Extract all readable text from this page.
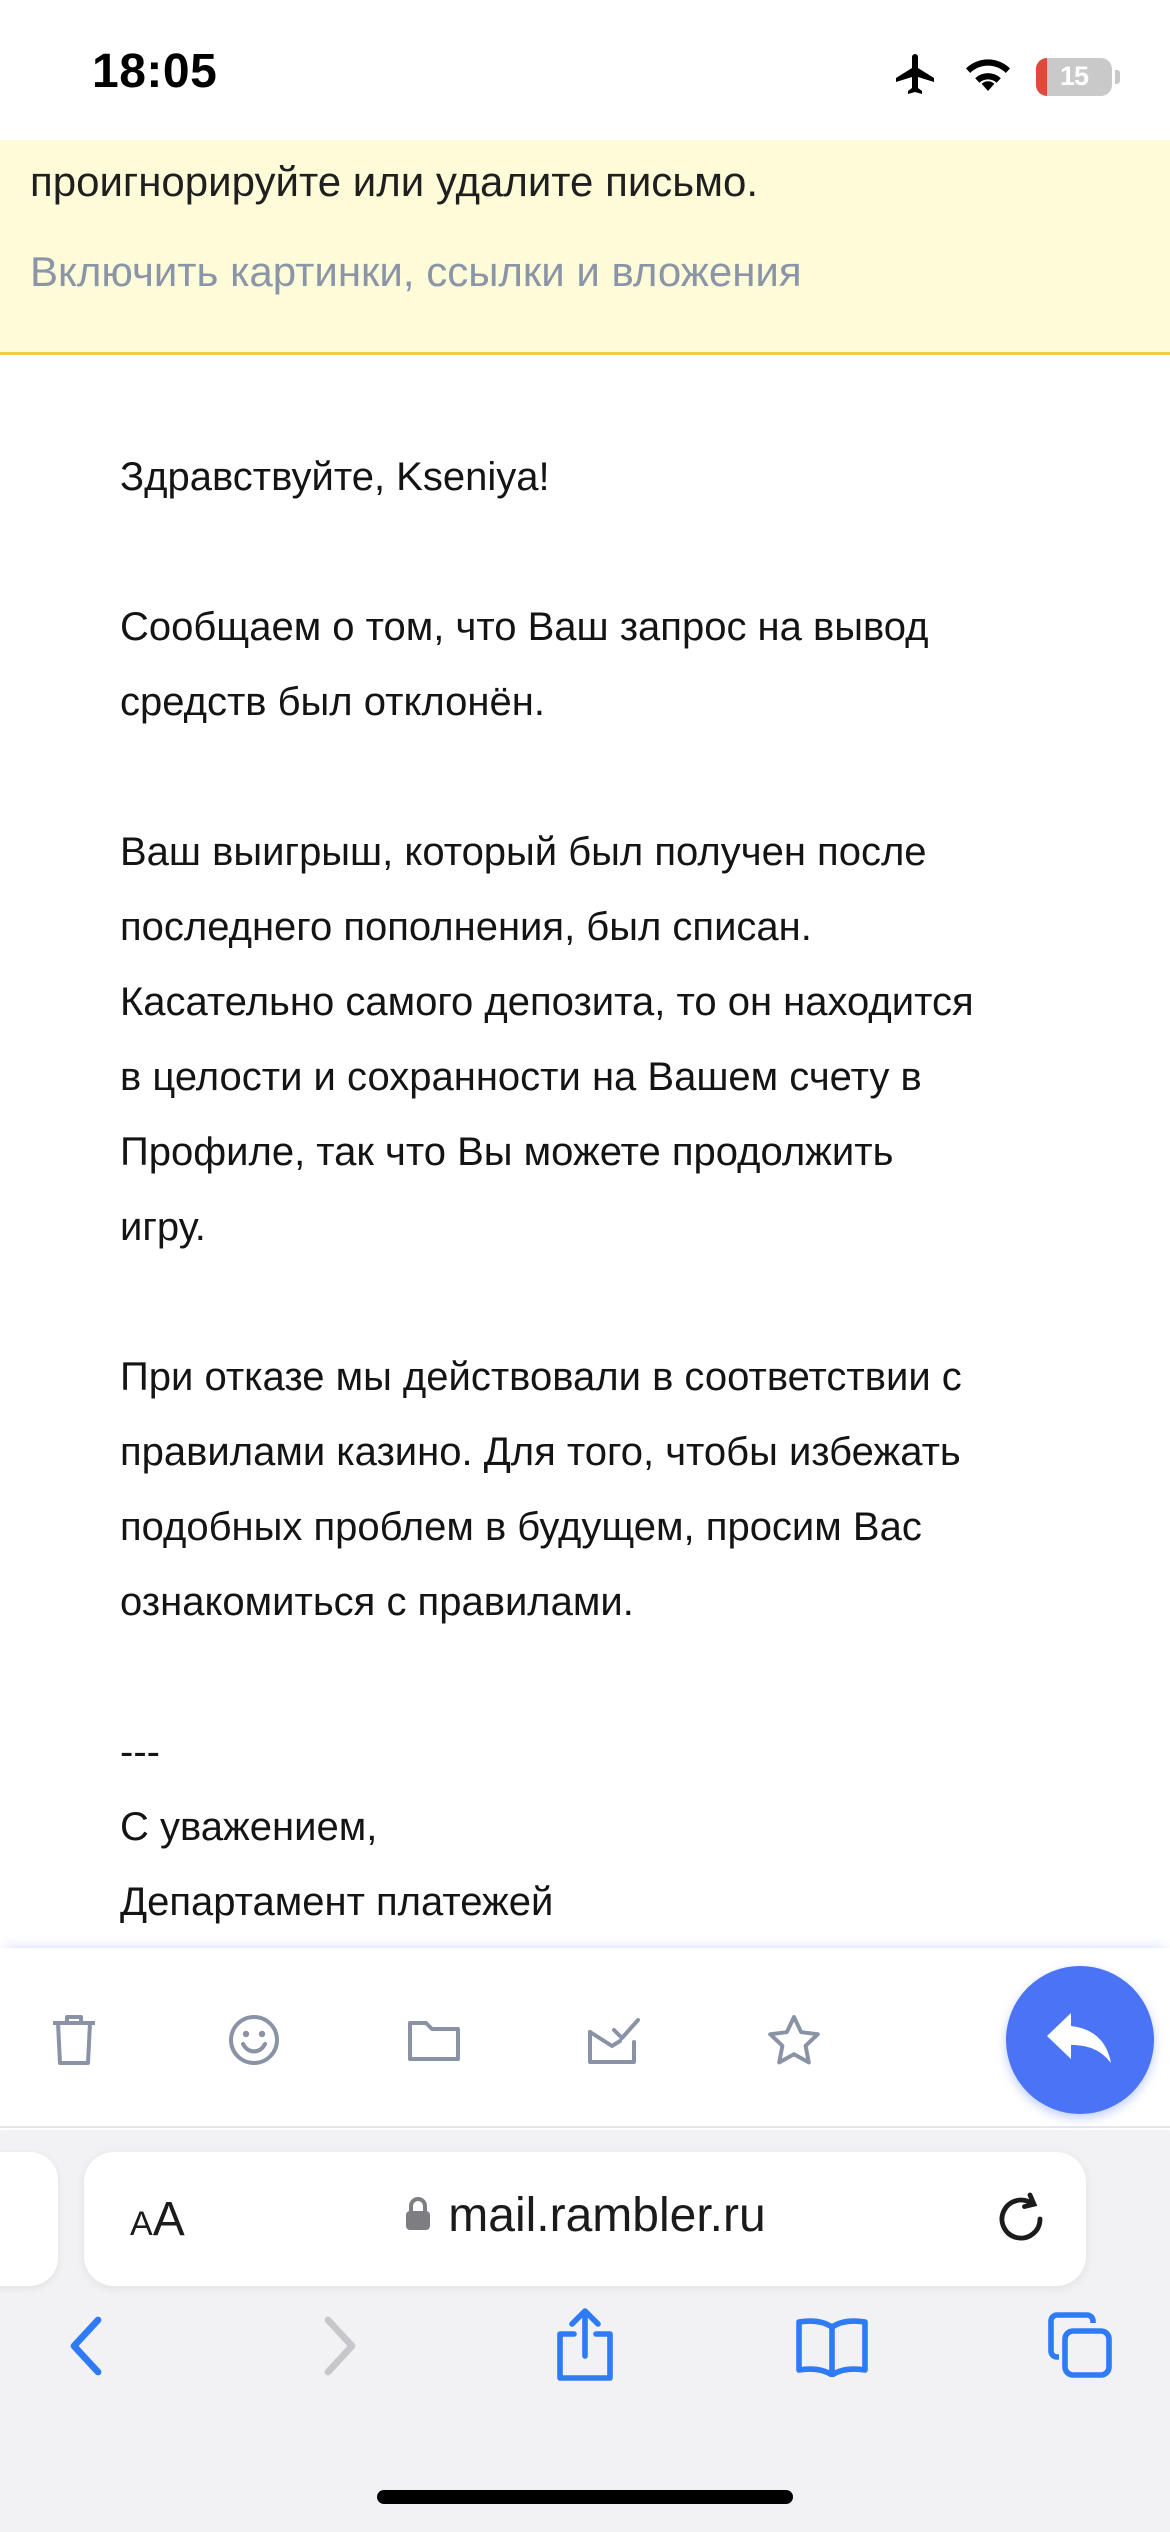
18:05	15
проигнорируйте или удалите письмо.
Включить картинки, ссылки и вложения

Здравствуйте, Kseniya!

Сообщаем о том, что Ваш запрос на вывод

средств был отклонён.

Ваш выигрыш, который был получен после

последнего пополнения, был списан.

Касательно самого депозита, то он находится

в целости и сохранности на Вашем счету в

Профиле, так что Вы можете продолжить

игру.

При отказе мы действовали в соответствии с

правилами казино. Для того, чтобы избежать

подобных проблем в будущем, просим Вас

ознакомиться с правилами.

---

С уважением,

Департамент платежей

AA	mail.rambler.ru
